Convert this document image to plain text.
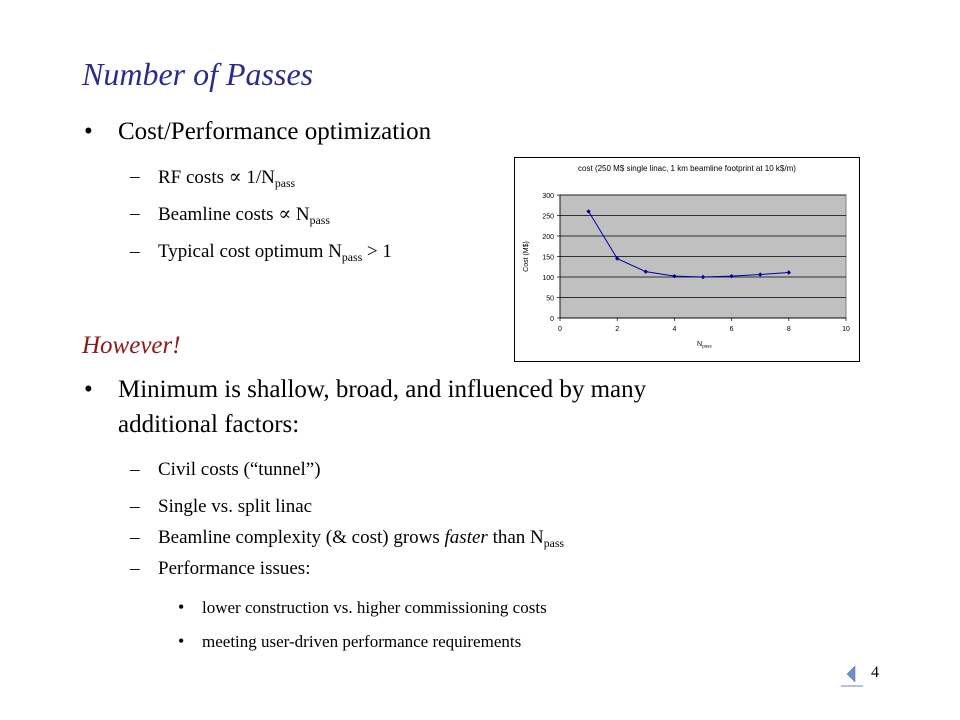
Number of Passes
• Cost/Performance optimization
– RF costs ∝ $1/N_{pass}$
– Beamline costs ∝ $N_{pass}$
– Typical cost optimum $N_{pass} > 1$
cost (250 M$ single linac, 1 km beamline footprint at 10 k$/m)
0
50
100
150
200
250
300
0	2	4	6	8	10
$N_{pass}$
Cost (M$)
However!
• Minimum is shallow, broad, and influenced by many
additional factors:
– Civil costs (“tunnel”)
– Single vs. split linac
– Beamline complexity (& cost) grows faster than $N_{pass}$
– Performance issues:
• lower construction vs. higher commissioning costs
• meeting user-driven performance requirements
4
